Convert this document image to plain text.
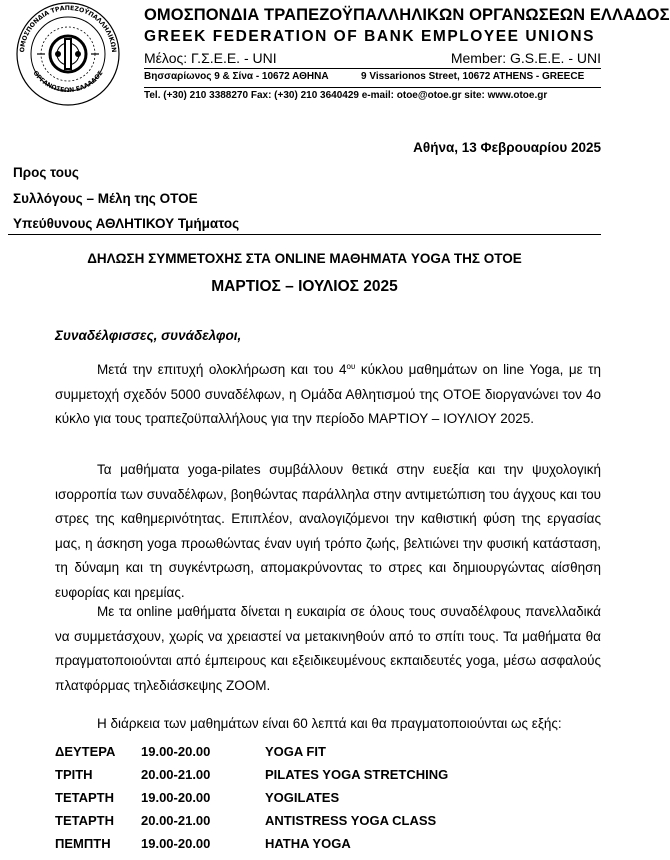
ΟΜΟΣΠΟΝΔΙΑ ΤΡΑΠΕΖΟΫΠΑΛΛΗΛΙΚΩΝ
ΟΡΓΑΝΩΣΕΩΝ ΕΛΛΑΔΟΣ
ΟΜΟΣΠΟΝΔΙΑ ΤΡΑΠΕΖΟΫΠΑΛΛΗΛΙΚΩΝ ΟΡΓΑΝΩΣΕΩΝ ΕΛΛΑΔΟΣ
GREEK FEDERATION OF BANK EMPLOYEE UNIONS
Μέλος: Γ.Σ.Ε.Ε. - UNI	Member: G.S.E.E. - UNI
Βησσαρίωνος 9 & Σίνα - 10672 ΑΘΗΝΑ	9 Vissarionos Street, 10672 ATHENS - GREECE
Tel. (+30) 210 3388270 Fax: (+30) 210 3640429 e-mail: otoe@otoe.gr site: www.otoe.gr
Αθήνα, 13 Φεβρουαρίου 2025
Προς τους
Συλλόγους – Μέλη της ΟΤΟΕ
Υπεύθυνους ΑΘΛΗΤΙΚΟΥ Τμήματος
ΔΗΛΩΣΗ ΣΥΜΜΕΤΟΧΗΣ ΣΤΑ ONLINE ΜΑΘΗΜΑΤΑ YOGA ΤΗΣ ΟΤΟΕ
ΜΑΡΤΙΟΣ – ΙΟΥΛΙΟΣ 2025
Συναδέλφισσες, συνάδελφοι,

Μετά την επιτυχή ολοκλήρωση και του $4^{o\upsilon}$ κύκλου μαθημάτων on line Yoga, με τη συμμετοχή σχεδόν 5000 συναδέλφων, η Ομάδα Αθλητισμού της ΟΤΟΕ διοργανώνει τον 4ο κύκλο για τους τραπεζοϋπαλλήλους για την περίοδο ΜΑΡΤΙΟΥ – ΙΟΥΛΙΟΥ 2025.

Τα μαθήματα yoga-pilates συμβάλλουν θετικά στην ευεξία και την ψυχολογική ισορροπία των συναδέλφων, βοηθώντας παράλληλα στην αντιμετώπιση του άγχους και του στρες της καθημερινότητας. Επιπλέον, αναλογιζόμενοι την καθιστική φύση της εργασίας μας, η άσκηση yoga προωθώντας έναν υγιή τρόπο ζωής, βελτιώνει την φυσική κατάσταση, τη δύναμη και τη συγκέντρωση, απομακρύνοντας το στρες και δημιουργώντας αίσθηση ευφορίας και ηρεμίας.

Με τα online μαθήματα δίνεται η ευκαιρία σε όλους τους συναδέλφους πανελλαδικά να συμμετάσχουν, χωρίς να χρειαστεί να μετακινηθούν από το σπίτι τους. Τα μαθήματα θα πραγματοποιούνται από έμπειρους και εξειδικευμένους εκπαιδευτές yoga, μέσω ασφαλούς πλατφόρμας τηλεδιάσκεψης ZOOM.

Η διάρκεια των μαθημάτων είναι 60 λεπτά και θα πραγματοποιούνται ως εξής:

ΔΕΥΤΕΡΑ 19.00-20.00	YOGA FIT
ΤΡΙΤΗ	20.00-21.00	PILATES YOGA STRETCHING
ΤΕΤΑΡΤΗ 19.00-20.00	YOGILATES
ΤΕΤΑΡΤΗ 20.00-21.00	ANTISTRESS YOGA CLASS
ΠΕΜΠΤΗ 19.00-20.00	HATHA YOGA
